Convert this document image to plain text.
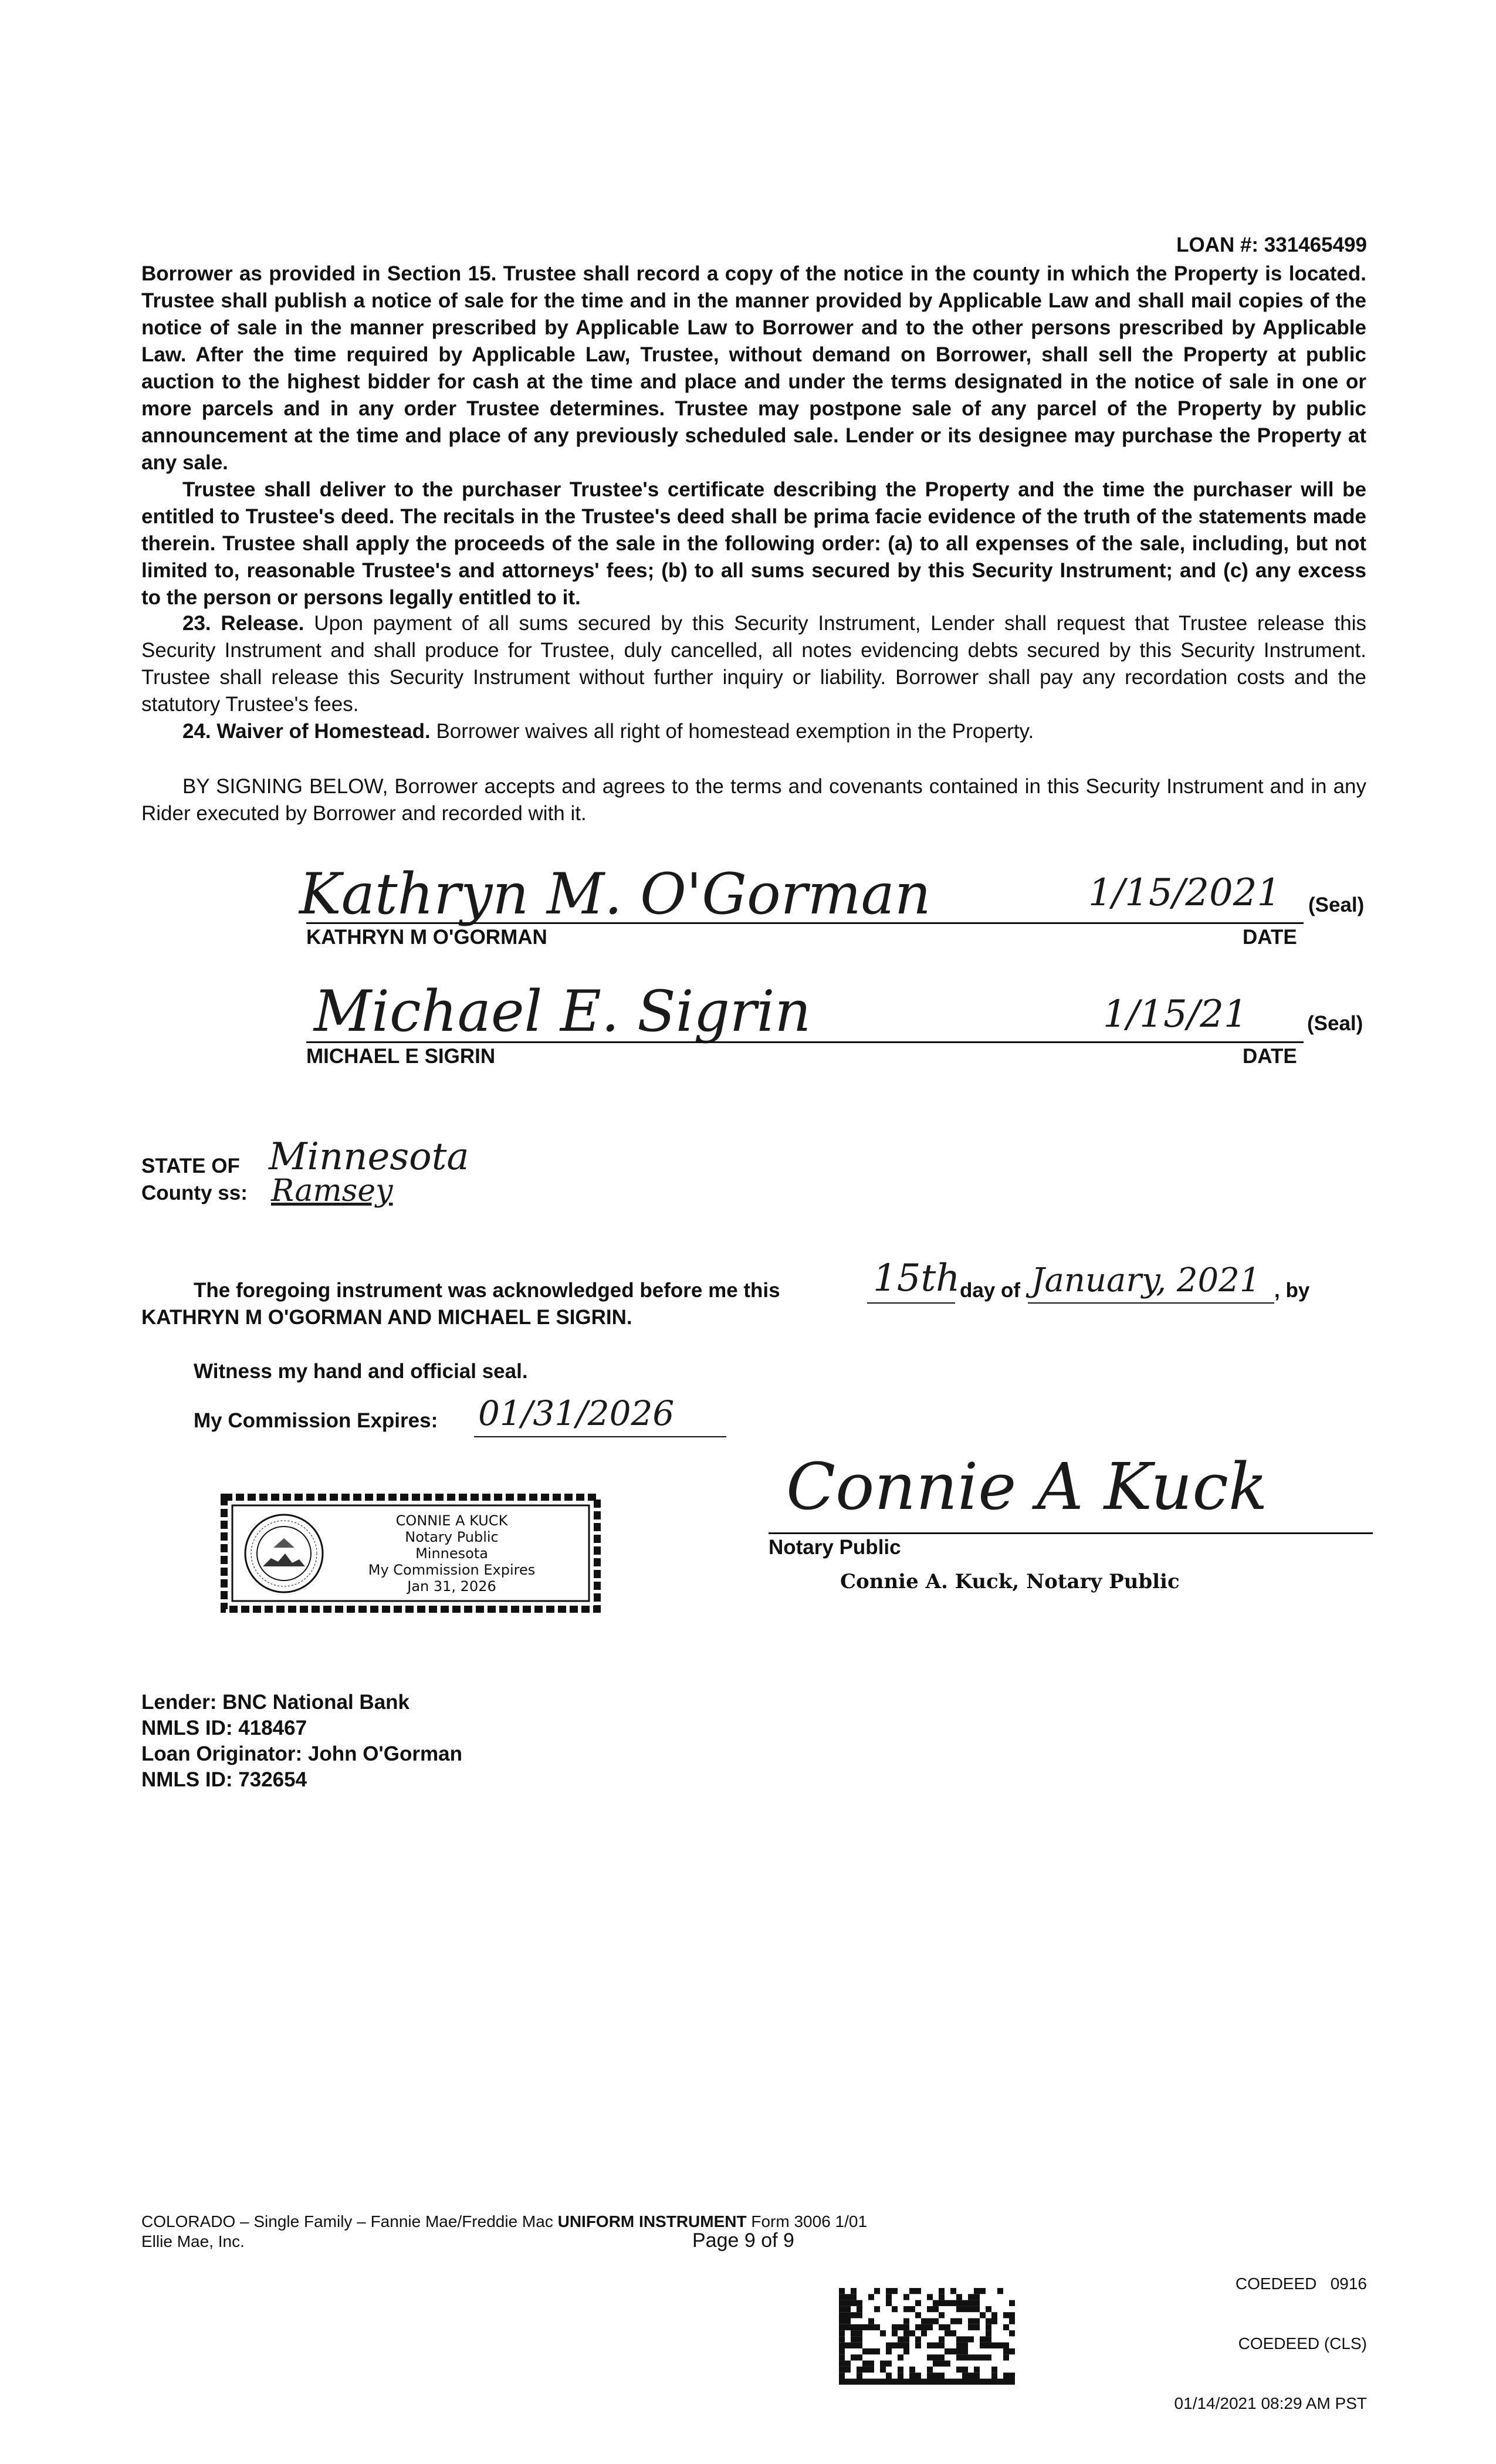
LOAN #: 331465499

Borrower as provided in Section 15. Trustee shall record a copy of the notice in the county in which the Property is located. Trustee shall publish a notice of sale for the time and in the manner provided by Applicable Law and shall mail copies of the notice of sale in the manner prescribed by Applicable Law to Borrower and to the other persons prescribed by Applicable Law. After the time required by Applicable Law, Trustee, without demand on Borrower, shall sell the Property at public auction to the highest bidder for cash at the time and place and under the terms designated in the notice of sale in one or more parcels and in any order Trustee determines. Trustee may postpone sale of any parcel of the Property by public announcement at the time and place of any previously scheduled sale. Lender or its designee may purchase the Property at any sale.

Trustee shall deliver to the purchaser Trustee's certificate describing the Property and the time the purchaser will be entitled to Trustee's deed. The recitals in the Trustee's deed shall be prima facie evidence of the truth of the statements made therein. Trustee shall apply the proceeds of the sale in the following order: (a) to all expenses of the sale, including, but not limited to, reasonable Trustee's and attorneys' fees; (b) to all sums secured by this Security Instrument; and (c) any excess to the person or persons legally entitled to it.

23. Release. Upon payment of all sums secured by this Security Instrument, Lender shall request that Trustee release this Security Instrument and shall produce for Trustee, duly cancelled, all notes evidencing debts secured by this Security Instrument. Trustee shall release this Security Instrument without further inquiry or liability. Borrower shall pay any recordation costs and the statutory Trustee's fees.

24. Waiver of Homestead. Borrower waives all right of homestead exemption in the Property.

BY SIGNING BELOW, Borrower accepts and agrees to the terms and covenants contained in this Security Instrument and in any Rider executed by Borrower and recorded with it.

Kathryn M. O'Gorman	1/15/2021 (Seal)
KATHRYN M O'GORMAN	DATE
Michael E. Sigrin	1/15/21	(Seal)
MICHAEL E SIGRIN	DATE
STATE OF Minnesota
County ss: Ramsey
The foregoing instrument was acknowledged before me this 15th day of January, 2021 , by
KATHRYN M O'GORMAN AND MICHAEL E SIGRIN.
Witness my hand and official seal.
My Commission Expires: 01/31/2026
Connie A Kuck
Notary Public
Connie A. Kuck, Notary Public
CONNIE A KUCK
Notary Public
Minnesota
My Commission Expires
Jan 31, 2026
Lender: BNC National Bank
NMLS ID: 418467
Loan Originator: John O'Gorman
NMLS ID: 732654
COLORADO – Single Family – Fannie Mae/Freddie Mac UNIFORM INSTRUMENT Form 3006 1/01
Ellie Mae, Inc.	Page 9 of 9

COEDEED   0916

COEDEED (CLS)

01/14/2021 08:29 AM PST
